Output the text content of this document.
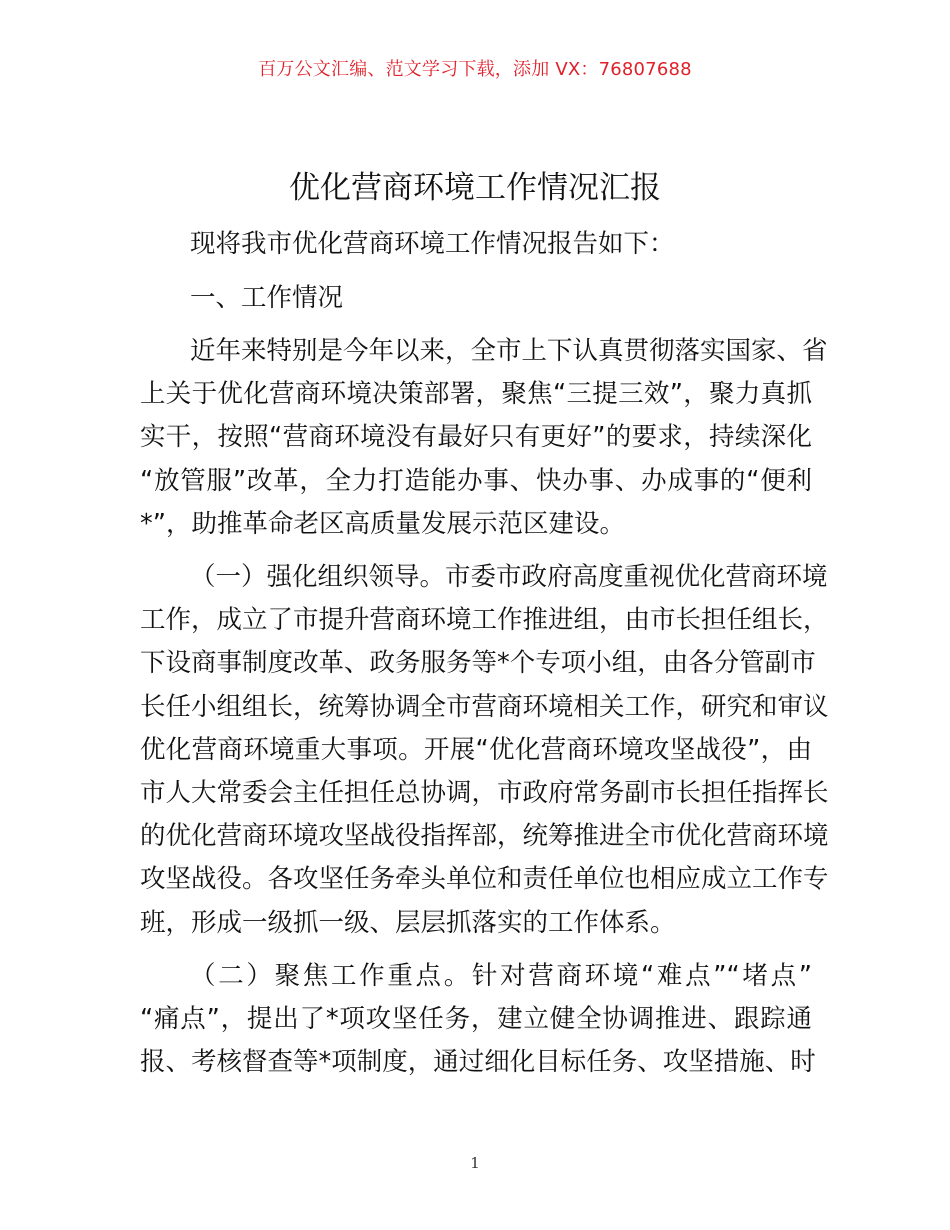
百万公文汇编、范文学习下载，添加 VX：76807688
优化营商环境工作情况汇报
现将我市优化营商环境工作情况报告如下：
一、工作情况
近年来特别是今年以来，全市上下认真贯彻落实国家、省
上关于优化营商环境决策部署，聚焦“三提三效”，聚力真抓
实干，按照“营商环境没有最好只有更好”的要求，持续深化
“放管服”改革，全力打造能办事、快办事、办成事的“便利
*”，助推革命老区高质量发展示范区建设。
（一）强化组织领导。市委市政府高度重视优化营商环境
工作，成立了市提升营商环境工作推进组，由市长担任组长，
下设商事制度改革、政务服务等*个专项小组，由各分管副市
长任小组组长，统筹协调全市营商环境相关工作，研究和审议
优化营商环境重大事项。开展“优化营商环境攻坚战役”，由
市人大常委会主任担任总协调，市政府常务副市长担任指挥长
的优化营商环境攻坚战役指挥部，统筹推进全市优化营商环境
攻坚战役。各攻坚任务牵头单位和责任单位也相应成立工作专
班，形成一级抓一级、层层抓落实的工作体系。
（二）聚焦工作重点。针对营商环境“难点”“堵点”
“痛点”，提出了*项攻坚任务，建立健全协调推进、跟踪通
报、考核督查等*项制度，通过细化目标任务、攻坚措施、时
1
